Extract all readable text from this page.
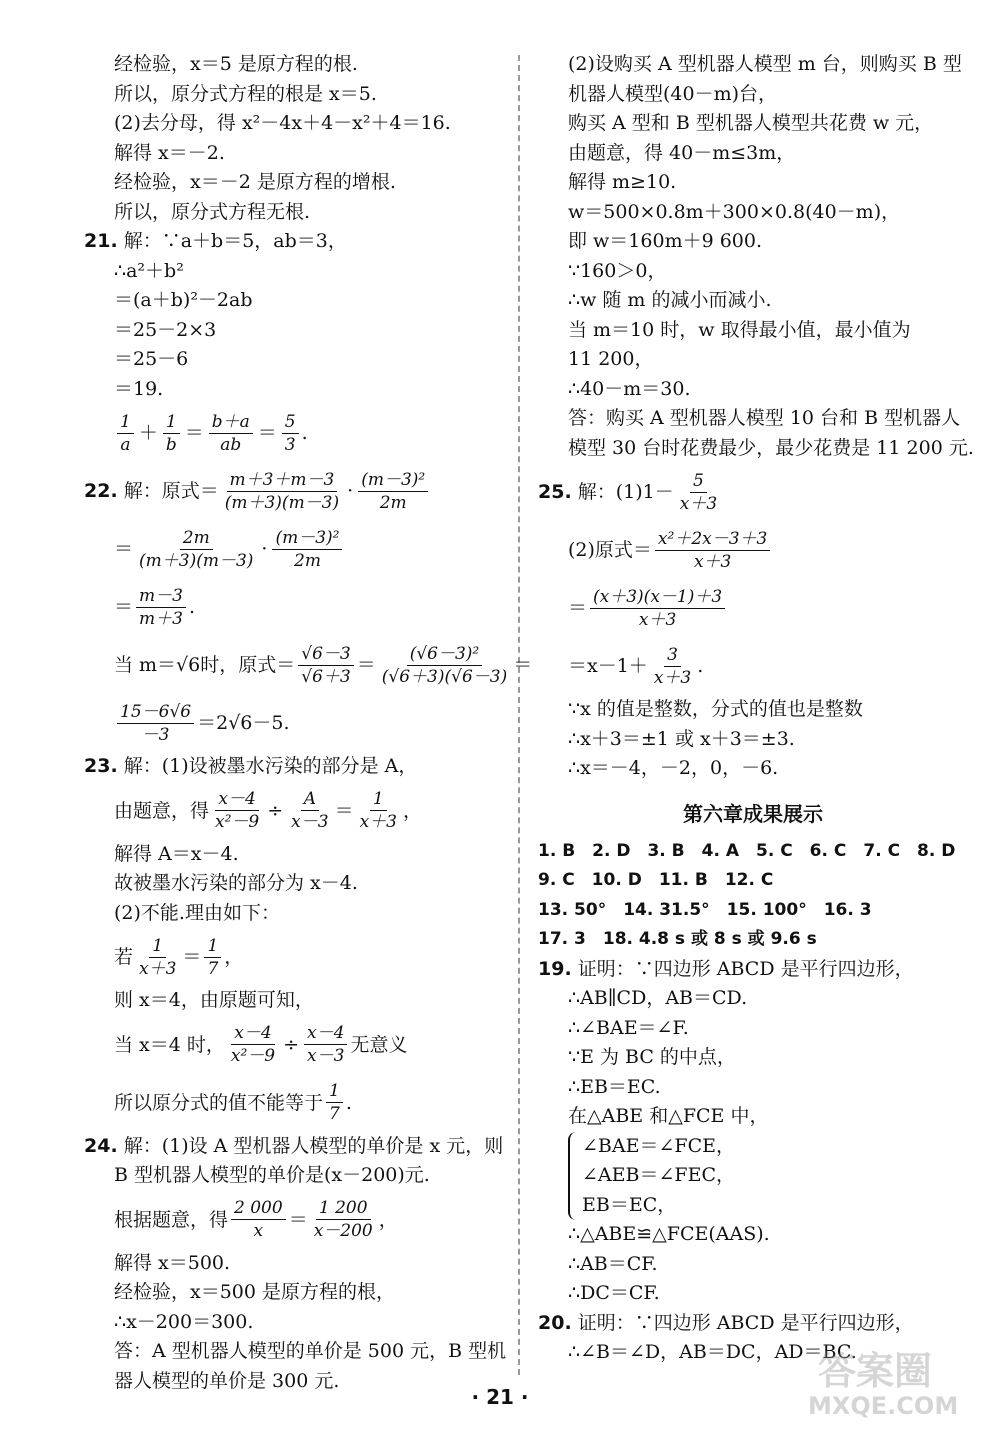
经检验，x＝5 是原方程的根.
所以，原分式方程的根是 x＝5.
(2)去分母，得 x²－4x＋4－x²＋4＝16.
解得 x＝－2.
经检验，x＝－2 是原方程的增根.
所以，原分式方程无根.
21. 解：∵a＋b＝5，ab＝3，
∴a²＋b²
＝(a＋b)²－2ab
＝25－2×3
＝25－6
＝19.
$\frac{1}{a} + \frac{1}{b} = \frac{b+a}{ab} = \frac{5}{3}$ .
22.
解：原式＝ $\frac{m+3+m-3}{(m+3)(m-3)} \cdot \frac{\text{(m－3)²}}{2m}$
＝ $\frac{2m}{(m+3)(m-3)} \cdot \frac{\text{(m－3)²}}{2m}$
＝ $\frac{m-3}{m+3}$ .
当 m＝√6时，原式＝ $\frac{√6-3}{√6+3} = \frac{\text{(√6－3)²}}{(√6+3)(√6-3)}$ ＝
$\frac{15-6√6}{-3} =2√6-5$.
23. 解：(1)设被墨水污染的部分是 A，
由题意，得 $\frac{x-4}{\text{x²－9}} \div \frac{A}{x-3} = \frac{1}{x+3}$ ，
解得 A＝x－4.
故被墨水污染的部分为 x－4.
(2)不能.理由如下：
若 $\frac{1}{x+3} = \frac{1}{7}$ ，
则 x＝4，由原题可知，
当 x＝4 时， $\frac{x-4}{\text{x²－9}} \div \frac{x-4}{x-3}$ 无意义
所以原分式的值不能等于 $\frac{1}{7}$ .
24. 解：(1)设 A 型机器人模型的单价是 x 元，则
B 型机器人模型的单价是(x－200)元.
根据题意，得 $\frac{2 000}{x} = \frac{1 200}{x-200}$ ，
解得 x＝500.
经检验，x＝500 是原方程的根，
∴x－200＝300.
答：A 型机器人模型的单价是 500 元，B 型机
器人模型的单价是 300 元.
(2)设购买 A 型机器人模型 m 台，则购买 B 型
机器人模型(40－m)台，
购买 A 型和 B 型机器人模型共花费 w 元，
由题意，得 40－m≤3m，
解得 m≥10.
w＝500×0.8m＋300×0.8(40－m)，
即 w＝160m＋9 600.
∵160＞0，
∴w 随 m 的减小而减小.
当 m＝10 时，w 取得最小值，最小值为
11 200，
∴40－m＝30.
答：购买 A 型机器人模型 10 台和 B 型机器人
模型 30 台时花费最少，最少花费是 11 200 元.
25.
解：$(1)1- \frac{5}{x+3}$
(2)原式＝ $\frac{\text{x²＋2x－3＋3}}{x+3}$
＝ $\frac{(x+3)(x-1)+3}{x+3}$
$=x-1+ \frac{3}{x+3}$ .
∵x 的值是整数，分式的值也是整数
∴x＋3＝±1 或 x＋3＝±3.
∴x＝－4，－2，0，－6.
第六章成果展示
1. B　2. D　3. B　4. A　5. C　6. C　7. C　8. D
9. C　10. D　11. B　12. C
13. 50°　14. 31.5°　15. 100°　16. 3
17. 3　18. 4.8 s 或 8 s 或 9.6 s
19. 证明：∵四边形 ABCD 是平行四边形，
∴AB∥CD，AB＝CD.
∴∠BAE＝∠F.
∵E 为 BC 的中点，
∴EB＝EC.
在△ABE 和△FCE 中，
∠BAE＝∠FCE，
∠AEB＝∠FEC，
EB＝EC，
∴△ABE≌△FCE(AAS).
∴AB＝CF.
∴DC＝CF.
20. 证明：∵四边形 ABCD 是平行四边形，
∴∠B＝∠D，AB＝DC，AD＝BC.
· 21 ·
答案圈
MXQE.COM
